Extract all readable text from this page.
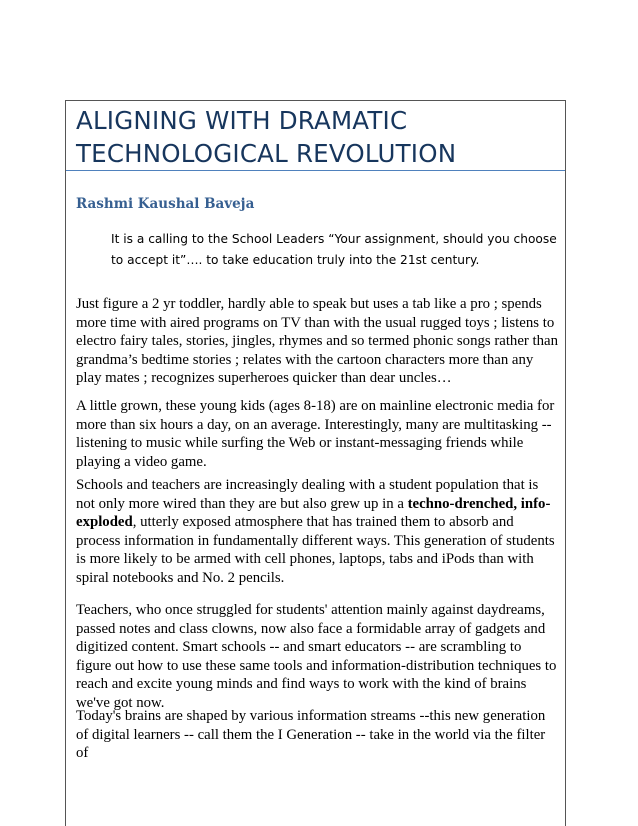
ALIGNING WITH DRAMATIC TECHNOLOGICAL REVOLUTION

Rashmi Kaushal Baveja

It is a calling to the School Leaders “Your assignment, should you choose to accept it”…. to take education truly into the 21st century.

Just figure a 2 yr toddler, hardly able to speak but uses a tab like a pro ; spends more time with aired programs on TV than with the usual rugged toys ; listens to electro fairy tales, stories, jingles, rhymes and so termed phonic songs rather than grandma’s bedtime stories ; relates with the cartoon characters more than any play mates ; recognizes superheroes quicker than dear uncles…

A little grown, these young kids (ages 8-18) are on mainline electronic media for more than six hours a day, on an average. Interestingly, many are multitasking -- listening to music while surfing the Web or instant-messaging friends while playing a video game.

Schools and teachers are increasingly dealing with a student population that is not only more wired than they are but also grew up in a techno-drenched, info-exploded, utterly exposed atmosphere that has trained them to absorb and process information in fundamentally different ways. This generation of students is more likely to be armed with cell phones, laptops, tabs and iPods than with spiral notebooks and No. 2 pencils.

Teachers, who once struggled for students' attention mainly against daydreams, passed notes and class clowns, now also face a formidable array of gadgets and digitized content. Smart schools -- and smart educators -- are scrambling to figure out how to use these same tools and information-distribution techniques to reach and excite young minds and find ways to work with the kind of brains we've got now.

Today's brains are shaped by various information streams --this new generation of digital learners -- call them the I Generation -- take in the world via the filter of
